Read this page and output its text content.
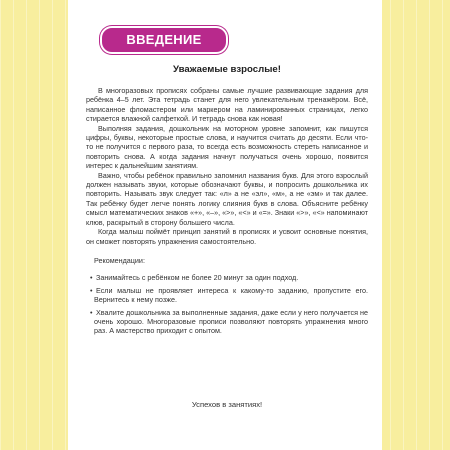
ВВЕДЕНИЕ
Уважаемые взрослые!

В многоразовых прописях собраны самые лучшие развивающие задания для ребёнка 4–5 лет. Эта тетрадь станет для него увлекательным тренажёром. Всё, написанное фломастером или маркером на ламинированных страницах, легко стирается влажной салфеткой. И тетрадь снова как новая!

Выполняя задания, дошкольник на моторном уровне запомнит, как пишутся цифры, буквы, некоторые простые слова, и научится считать до десяти. Если что-то не получится с первого раза, то всегда есть возможность стереть написанное и повторить снова. А когда задания начнут получаться очень хорошо, появится интерес к дальнейшим занятиям.

Важно, чтобы ребёнок правильно запомнил названия букв. Для этого взрослый должен называть звуки, которые обозначают буквы, и попросить дошкольника их повторить. Называть звук следует так: «л» а не «эл», «м», а не «эм» и так далее. Так ребёнку будет легче понять логику слияния букв в слова. Объясните ребёнку смысл математических знаков «+», «–», «>», «<» и «=». Знаки «>», «<» напоминают клюв, раскрытый в сторону большего числа.

Когда малыш поймёт принцип занятий в прописях и усвоит основные понятия, он сможет повторять упражнения самостоятельно.

Рекомендации:

• Занимайтесь с ребёнком не более 20 минут за один подход.

• Если малыш не проявляет интереса к какому-то заданию, пропустите его. Вернитесь к нему позже.

• Хвалите дошкольника за выполненные задания, даже если у него получается не очень хорошо. Многоразовые прописи позволяют повторять упражнения много раз. А мастерство приходит с опытом.

Успехов в занятиях!
